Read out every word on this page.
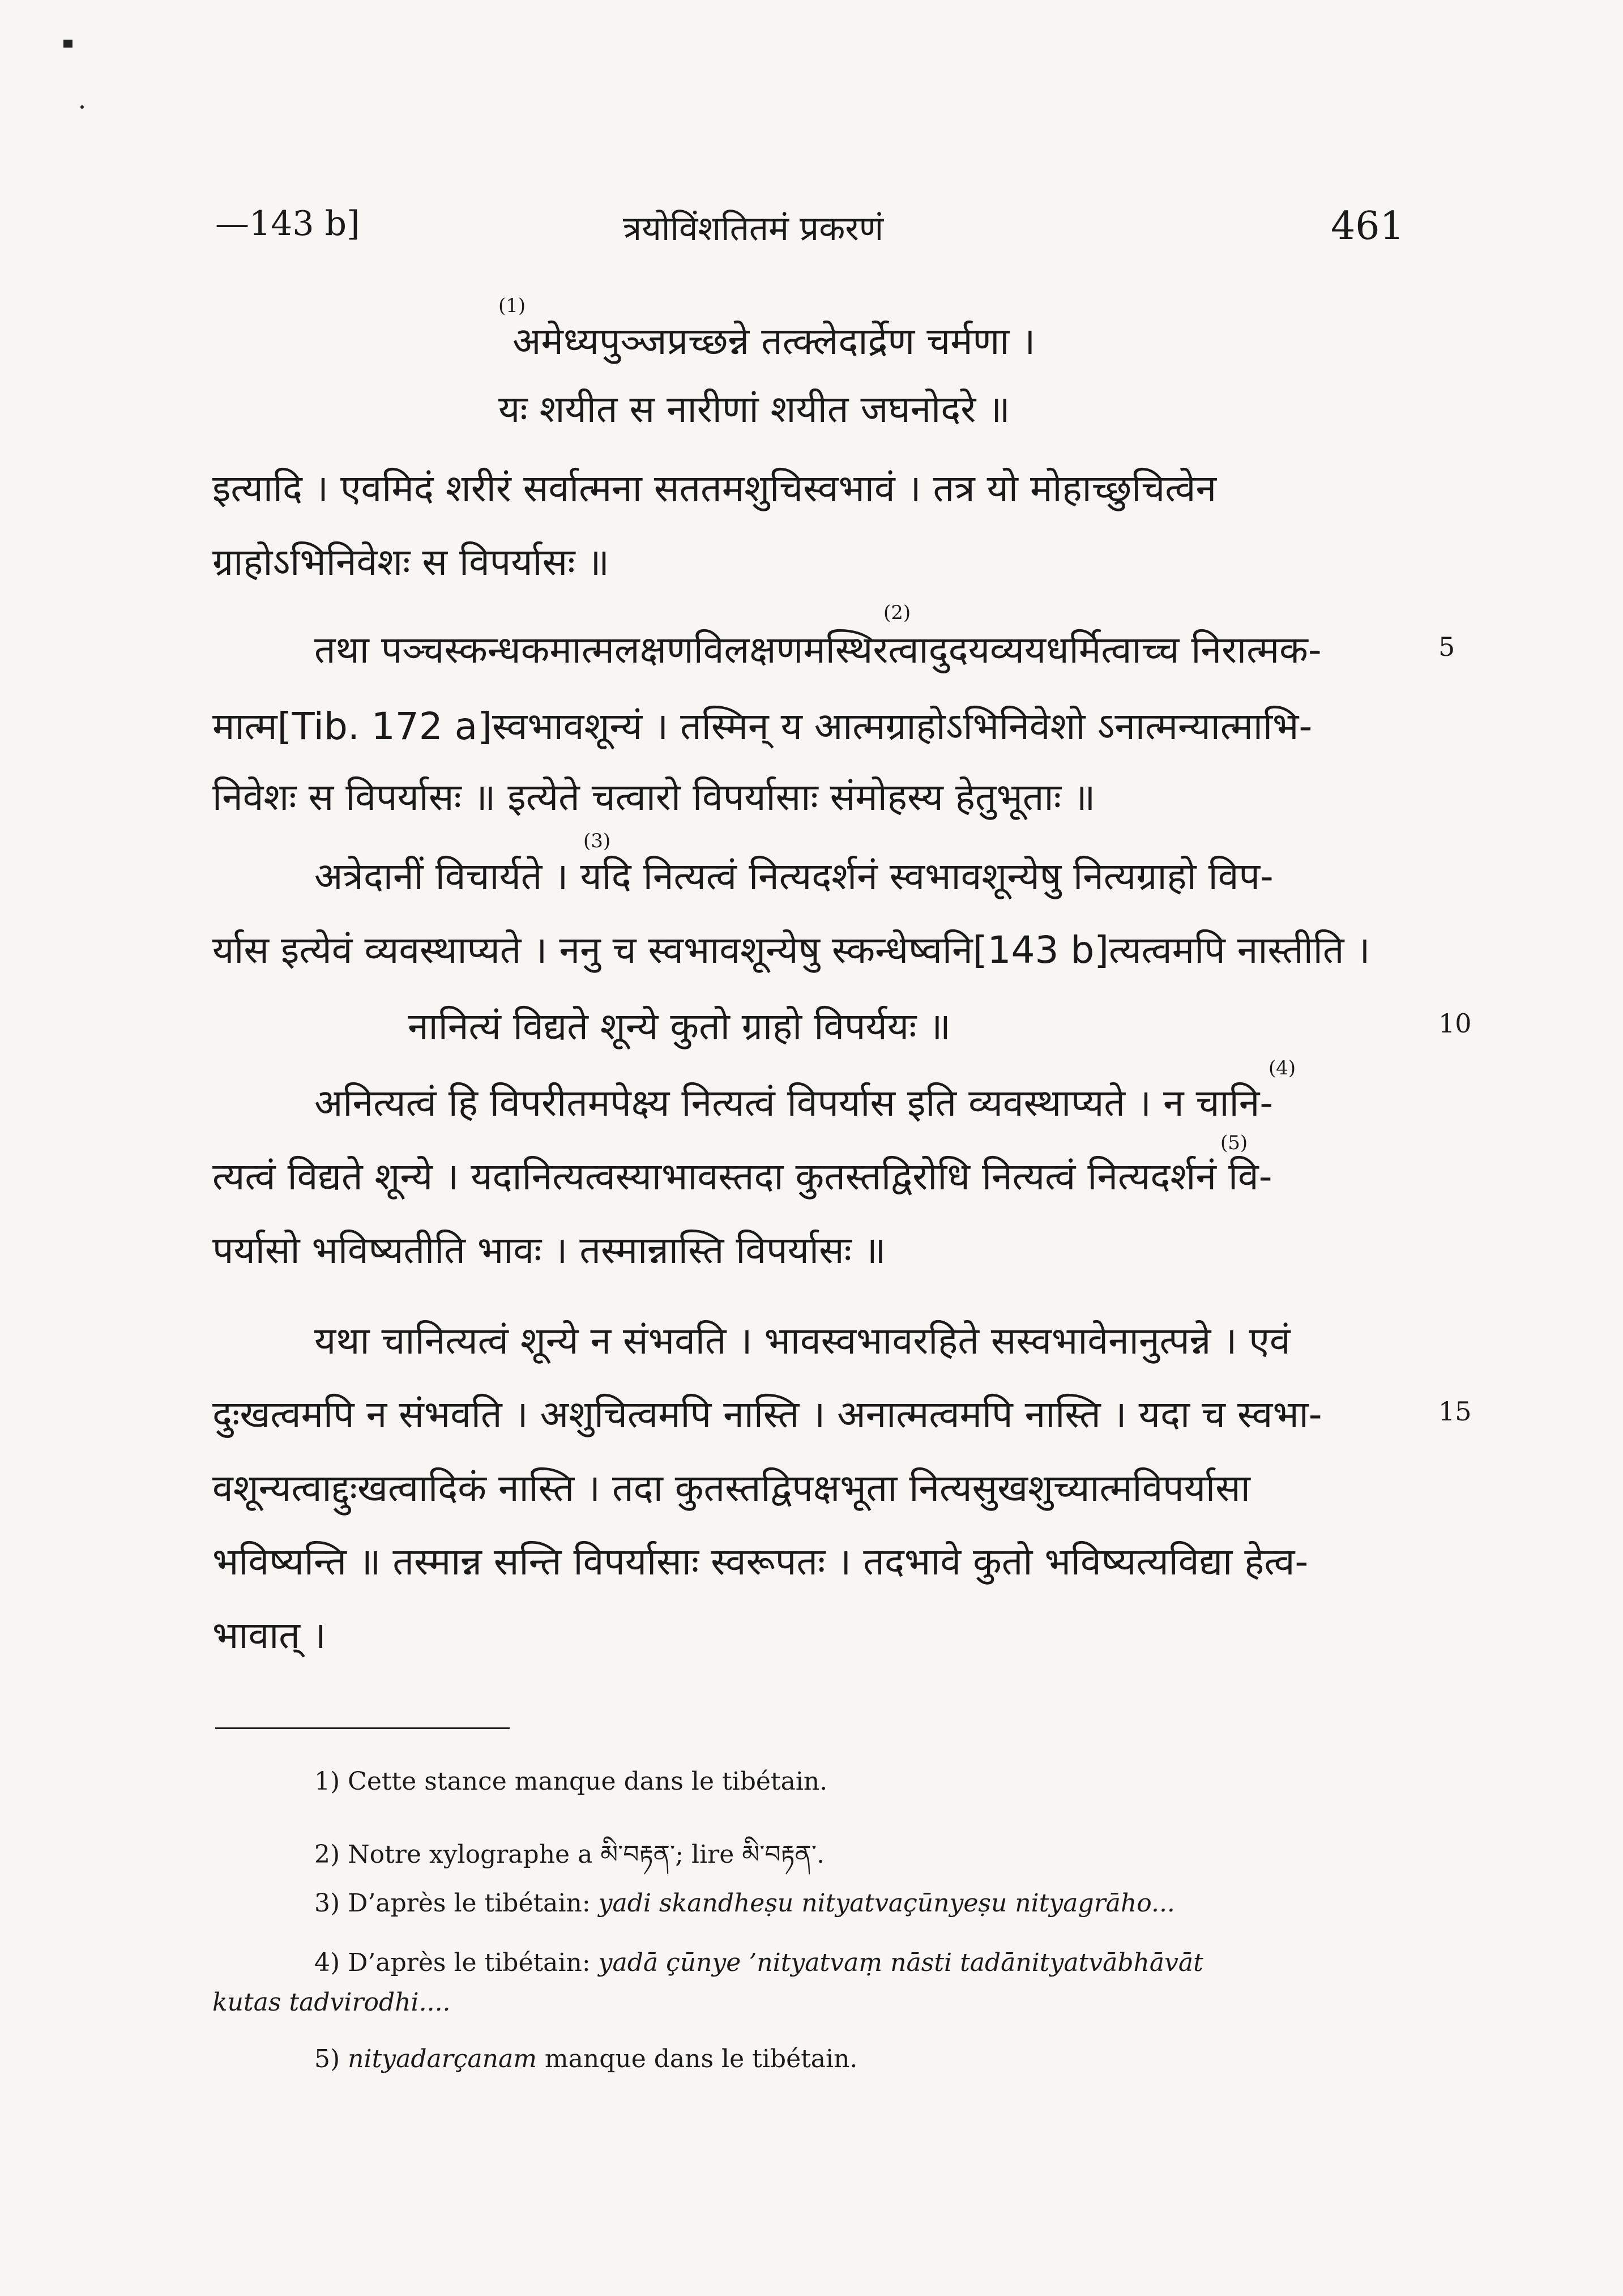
—143 b]	त्रयोविंशतितमं प्रकरणं	461
(1)
अमेध्यपुञ्जप्रच्छन्ने तत्क्लेदार्द्रेण चर्मणा ।
यः शयीत स नारीणां शयीत जघनोदरे ॥
इत्यादि । एवमिदं शरीरं सर्वात्मना सततमशुचिस्वभावं । तत्र यो मोहाच्छुचित्वेन
ग्राहोऽभिनिवेशः स विपर्यासः ॥
(2)
तथा पञ्चस्कन्धकमात्मलक्षणविलक्षणमस्थिरत्वादुदयव्ययधर्मित्वाच्च निरात्मक-	5
मात्म[Tib. 172 a]स्वभावशून्यं । तस्मिन् य आत्मग्राहोऽभिनिवेशो ऽनात्मन्यात्माभि-
निवेशः स विपर्यासः ॥ इत्येते चत्वारो विपर्यासाः संमोहस्य हेतुभूताः ॥
(3)
अत्रेदानीं विचार्यते । यदि नित्यत्वं नित्यदर्शनं स्वभावशून्येषु नित्यग्राहो विप-
र्यास इत्येवं व्यवस्थाप्यते । ननु च स्वभावशून्येषु स्कन्धेष्वनि[143 b]त्यत्वमपि नास्तीति ।
नानित्यं विद्यते शून्ये कुतो ग्राहो विपर्ययः ॥	10
(4)
अनित्यत्वं हि विपरीतमपेक्ष्य नित्यत्वं विपर्यास इति व्यवस्थाप्यते । न चानि-
(5)
त्यत्वं विद्यते शून्ये । यदानित्यत्वस्याभावस्तदा कुतस्तद्विरोधि नित्यत्वं नित्यदर्शनं वि-
पर्यासो भविष्यतीति भावः । तस्मान्नास्ति विपर्यासः ॥
यथा चानित्यत्वं शून्ये न संभवति । भावस्वभावरहिते सस्वभावेनानुत्पन्ने । एवं
दुःखत्वमपि न संभवति । अशुचित्वमपि नास्ति । अनात्मत्वमपि नास्ति । यदा च स्वभा-	15
वशून्यत्वाद्दुःखत्वादिकं नास्ति । तदा कुतस्तद्विपक्षभूता नित्यसुखशुच्यात्मविपर्यासा
भविष्यन्ति ॥ तस्मान्न सन्ति विपर्यासाः स्वरूपतः । तदभावे कुतो भविष्यत्यविद्या हेत्व-
भावात् ।
1) Cette stance manque dans le tibétain.
2) Notre xylographe a མི་བརྟན་; lire མི་བརྟན་.
3) D’après le tibétain: yadi skandheṣu nityatvaçūnyeṣu nityagrāho...
4) D’après le tibétain: yadā çūnye ’nityatvaṃ nāsti tadānityatvābhāvāt
kutas tadvirodhi....
5) nityadarçanam manque dans le tibétain.
